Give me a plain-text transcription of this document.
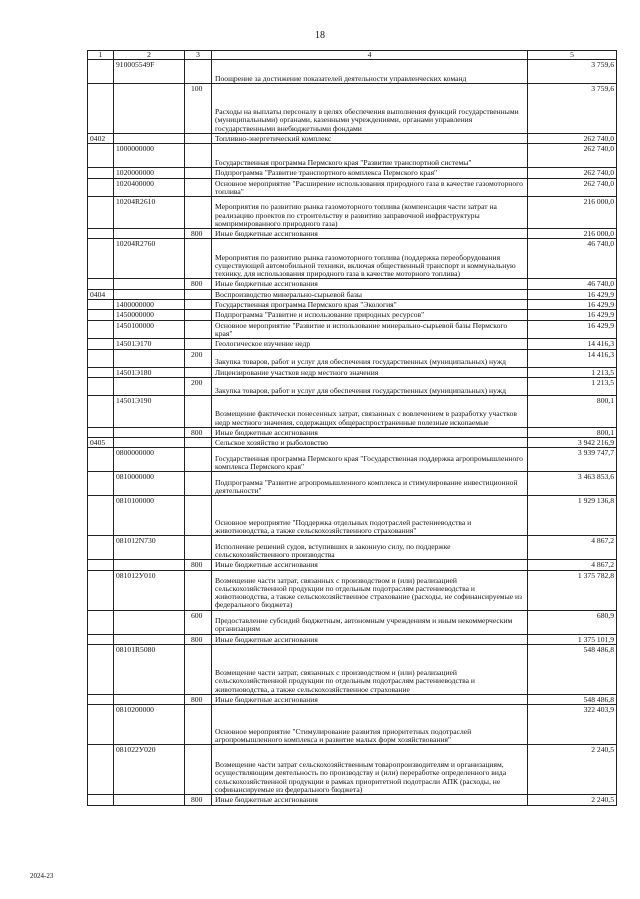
18
1	2	3	4	5
	910005549F		Поощрение за достижение показателей деятельности управленческих команд	3 759,6
		100	Расходы на выплаты персоналу в целях обеспечения выполнения функций государственными (муниципальными) органами, казенными учреждениями, органами управления государственными внебюджетными фондами	3 759,6
0402			Топливно-энергетический комплекс	262 740,0
	1000000000		Государственная программа Пермского края "Развитие транспортной системы"	262 740,0
	1020000000		Подпрограмма "Развитие транспортного комплекса Пермского края"	262 740,0
	1020400000		Основное мероприятие "Расширение использования природного газа в качестве газомоторного топлива"	262 740,0
	10204R2610		Мероприятия по развитию рынка газомоторного топлива (компенсация части затрат на реализацию проектов по строительству и развитию заправочной инфраструктуры компримированного природного газа)	216 000,0
		800	Иные бюджетные ассигнования	216 000,0
	10204R2760		Мероприятия по развитию рынка газомоторного топлива (поддержка переоборудования существующей автомобильной техники, включая общественный транспорт и коммунальную технику, для использования природного газа в качестве моторного топлива)	46 740,0
		800	Иные бюджетные ассигнования	46 740,0
0404			Воспроизводство минерально-сырьевой базы	16 429,9
	1400000000		Государственная программа Пермского края "Экология"	16 429,9
	1450000000		Подпрограмма "Развитие и использование природных ресурсов"	16 429,9
	1450100000		Основное мероприятие "Развитие и использование минерально-сырьевой базы Пермского края"	16 429,9
	14501Э170		Геологическое изучение недр	14 416,3
		200	Закупка товаров, работ и услуг для обеспечения государственных (муниципальных) нужд	14 416,3
	14501Э180		Лицензирование участков недр местного значения	1 213,5
		200	Закупка товаров, работ и услуг для обеспечения государственных (муниципальных) нужд	1 213,5
	14501Э190		Возмещение фактически понесенных затрат, связанных с вовлечением в разработку участков недр местного значения, содержащих общераспространенные полезные ископаемые	800,1
		800	Иные бюджетные ассигнования	800,1
0405			Сельское хозяйство и рыболовство	3 942 216,9
	0800000000		Государственная программа Пермского края "Государственная поддержка агропромышленного комплекса Пермского края"	3 939 747,7
	0810000000		Подпрограмма "Развитие агропромышленного комплекса и стимулирование инвестиционной деятельности"	3 463 853,6
	0810100000		Основное мероприятие "Поддержка отдельных подотраслей растениеводства и животноводства, а также сельскохозяйственного страхования"	1 929 136,8
	081012N730		Исполнение решений судов, вступивших в законную силу, по поддержке сельскохозяйственного производства	4 867,2
		800	Иные бюджетные ассигнования	4 867,2
	081012У010		Возмещение части затрат, связанных с производством и (или) реализацией сельскохозяйственной продукции по отдельным подотраслям растениеводства и животноводства, а также сельскохозяйственное страхование (расходы, не софинансируемые из федерального бюджета)	1 375 782,8
		600	Предоставление субсидий бюджетным, автономным учреждениям и иным некоммерческим организациям	680,9
		800	Иные бюджетные ассигнования	1 375 101,9
	08101R5080		Возмещение части затрат, связанных с производством и (или) реализацией сельскохозяйственной продукции по отдельным подотраслям растениеводства и животноводства, а также сельскохозяйственное страхование	548 486,8
		800	Иные бюджетные ассигнования	548 486,8
	0810200000		Основное мероприятие "Стимулирование развития приоритетных подотраслей агропромышленного комплекса и развитие малых форм хозяйствования"	322 403,9
	081022У020		Возмещение части затрат сельскохозяйственным товаропроизводителям и организациям, осуществляющим деятельность по производству и (или) переработке определенного вида сельскохозяйственной продукции в рамках приоритетной подотрасли АПК (расходы, не софинансируемые из федерального бюджета)	2 240,5
		800	Иные бюджетные ассигнования	2 240,5
2024-23
